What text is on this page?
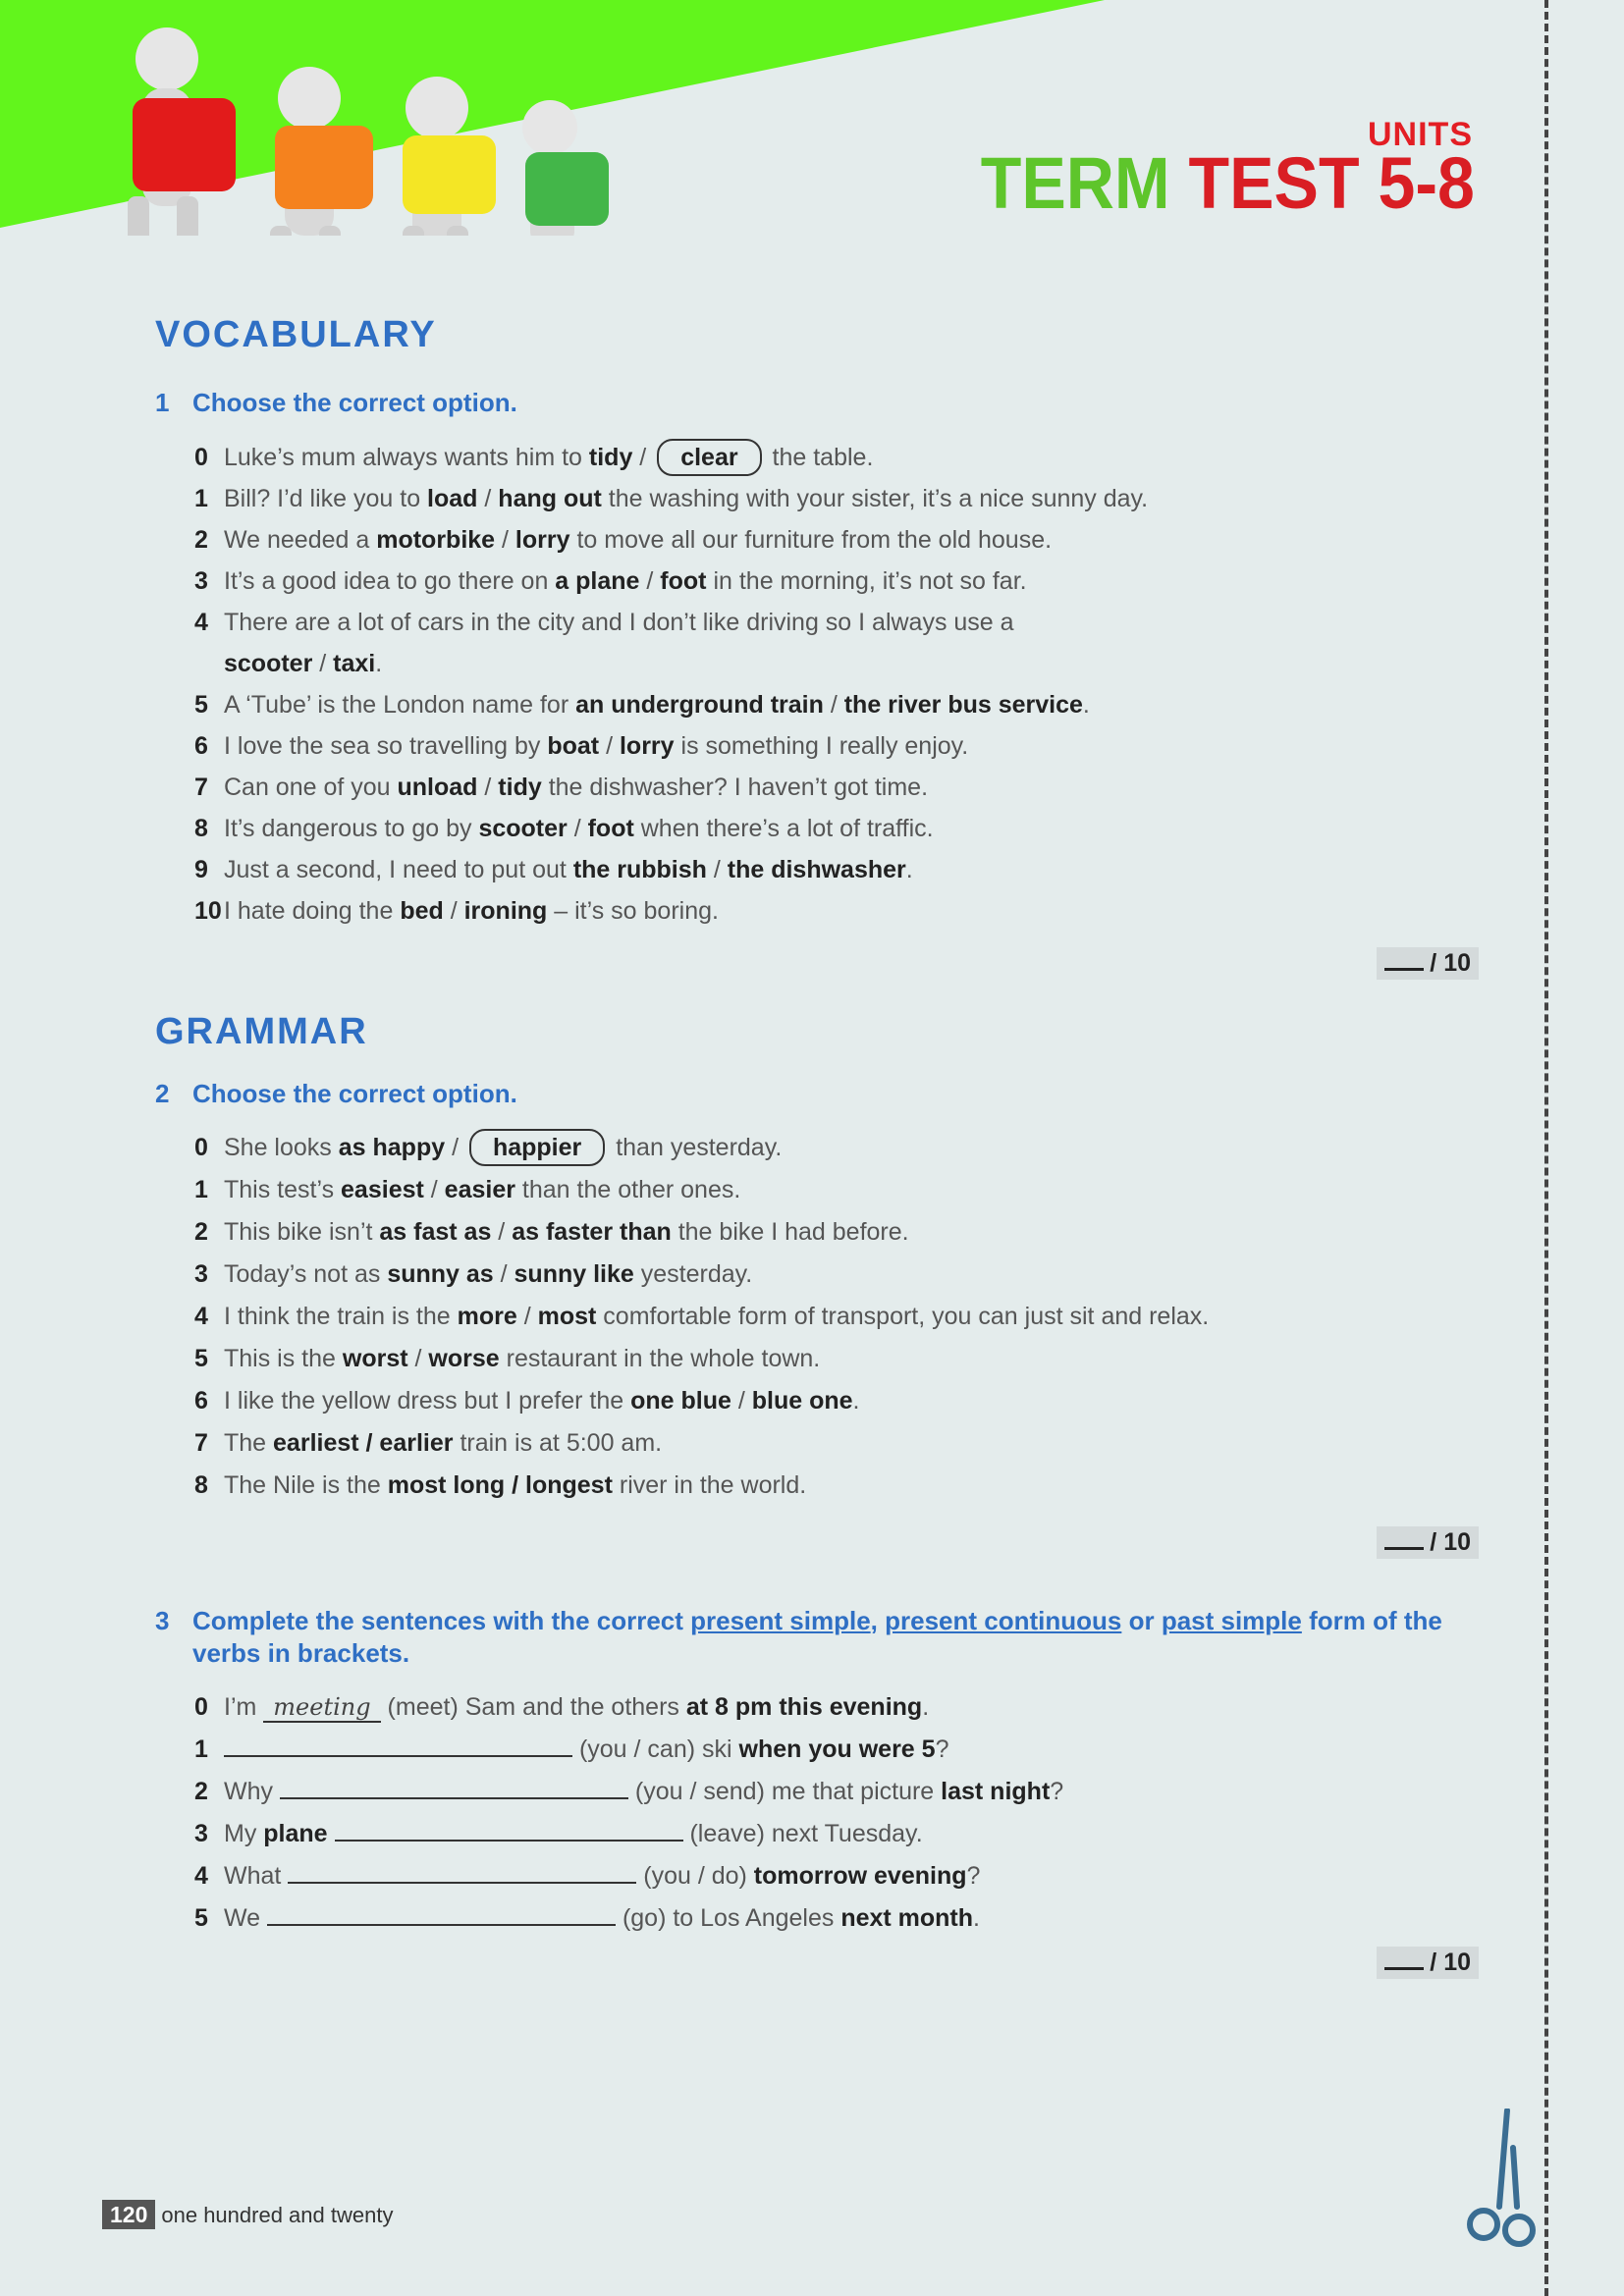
UNITS
TERM TEST 5-8
VOCABULARY
1 Choose the correct option.
0 Luke’s mum always wants him to tidy / clear the table.
1 Bill? I’d like you to load / hang out the washing with your sister, it’s a nice sunny day.
2 We needed a motorbike / lorry to move all our furniture from the old house.
3 It’s a good idea to go there on a plane / foot in the morning, it’s not so far.
4 There are a lot of cars in the city and I don’t like driving so I always use a
scooter / taxi.
5 A ‘Tube’ is the London name for an underground train / the river bus service.
6 I love the sea so travelling by boat / lorry is something I really enjoy.
7 Can one of you unload / tidy the dishwasher? I haven’t got time.
8 It’s dangerous to go by scooter / foot when there’s a lot of traffic.
9 Just a second, I need to put out the rubbish / the dishwasher.
10 I hate doing the bed / ironing – it’s so boring.
/ 10
GRAMMAR
2 Choose the correct option.
0 She looks as happy / happier than yesterday.
1 This test’s easiest / easier than the other ones.
2 This bike isn’t as fast as / as faster than the bike I had before.
3 Today’s not as sunny as / sunny like yesterday.
4 I think the train is the more / most comfortable form of transport, you can just sit and relax.
5 This is the worst / worse restaurant in the whole town.
6 I like the yellow dress but I prefer the one blue / blue one.
7 The earliest / earlier train is at 5:00 am.
8 The Nile is the most long / longest river in the world.
/ 10
3 Complete the sentences with the correct present simple, present continuous or past simple form of the verbs in brackets.
0 I’m meeting (meet) Sam and the others at 8 pm this evening.
1	(you / can) ski when you were 5?
2 Why	(you / send) me that picture last night?
3 My plane	(leave) next Tuesday.
4 What	(you / do) tomorrow evening?
5 We	(go) to Los Angeles next month.
/ 10
120 one hundred and twenty
